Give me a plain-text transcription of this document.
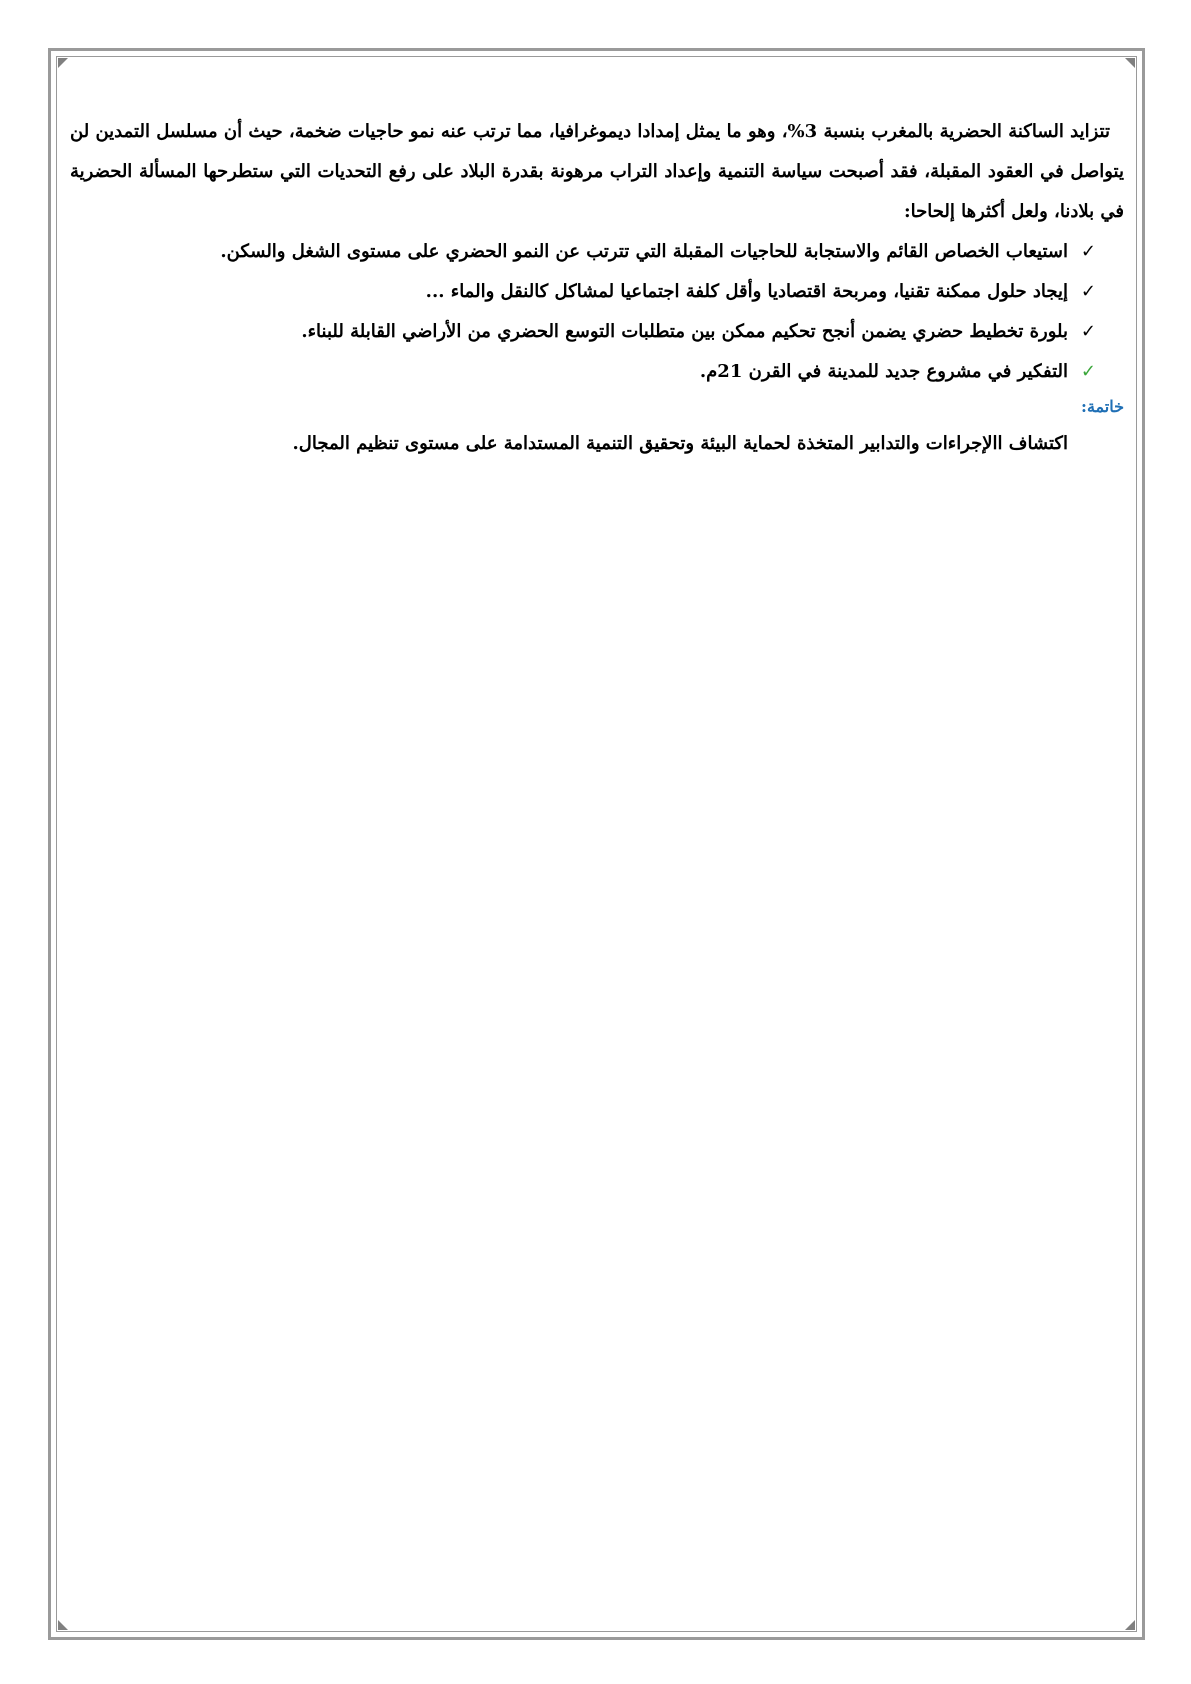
تتزايد الساكنة الحضرية بالمغرب بنسبة 3%، وهو ما يمثل إمدادا ديموغرافيا، مما ترتب عنه نمو حاجيات ضخمة، حيث أن مسلسل التمدين لن يتواصل في العقود المقبلة، فقد أصبحت سياسة التنمية وإعداد التراب مرهونة بقدرة البلاد على رفع التحديات التي ستطرحها المسألة الحضرية في بلادنا، ولعل أكثرها إلحاحا:

✓
استيعاب الخصاص القائم والاستجابة للحاجيات المقبلة التي تترتب عن النمو الحضري على مستوى الشغل والسكن.
✓
إيجاد حلول ممكنة تقنيا، ومربحة اقتصاديا وأقل كلفة اجتماعيا لمشاكل كالنقل والماء ...
✓
بلورة تخطيط حضري يضمن أنجح تحكيم ممكن بين متطلبات التوسع الحضري من الأراضي القابلة للبناء.
✓
التفكير في مشروع جديد للمدينة في القرن 21م.

خاتمة:

اكتشاف االإجراءات والتدابير المتخذة لحماية البيئة وتحقيق التنمية المستدامة على مستوى تنظيم المجال.
